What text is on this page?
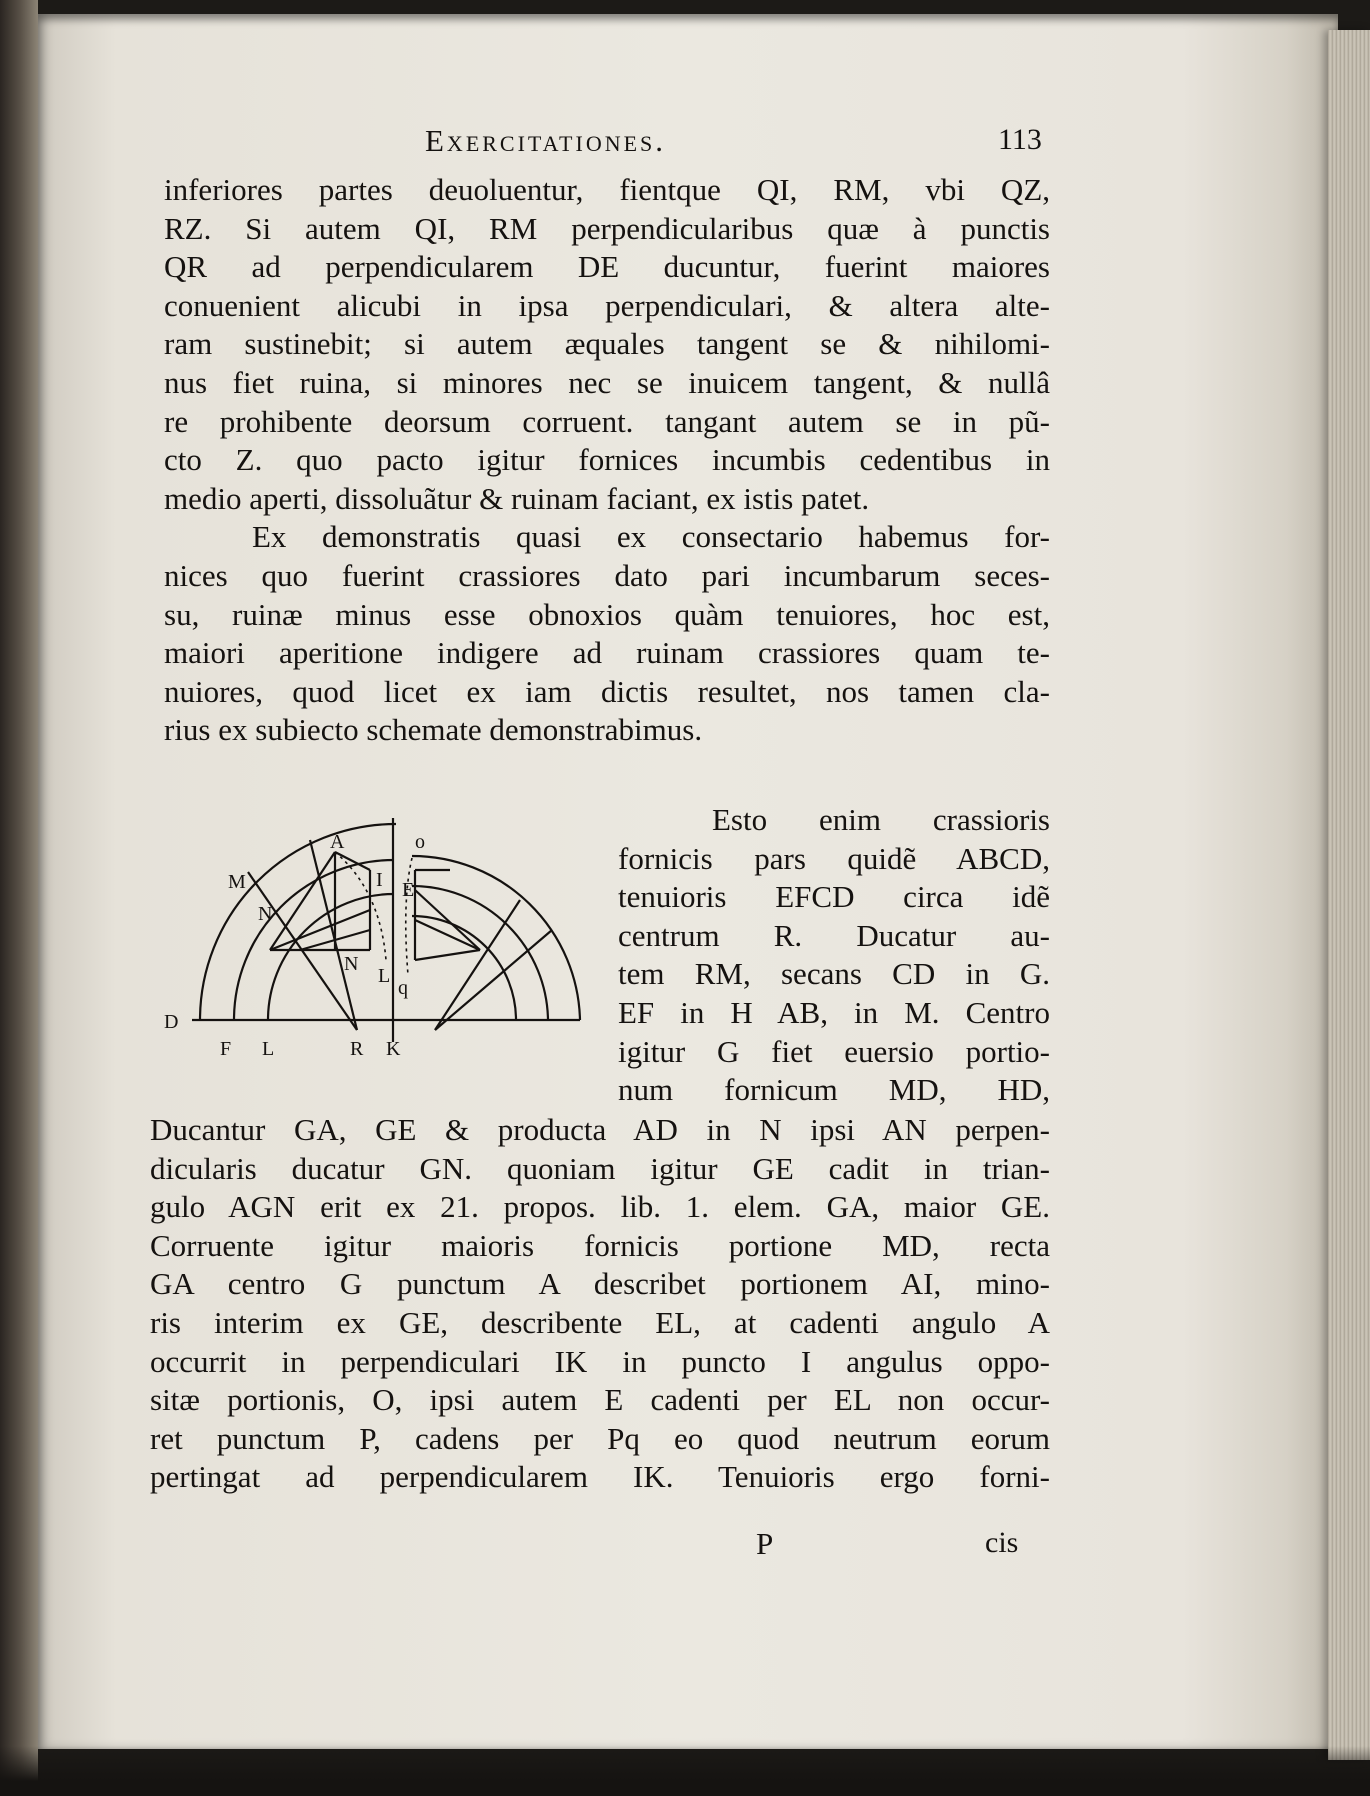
Exercitationes.	113
inferiores partes deuoluentur, fientque QI, RM, vbi QZ,
RZ. Si autem QI, RM perpendicularibus quæ à punctis
QR ad perpendicularem DE ducuntur, fuerint maiores
conuenient alicubi in ipsa perpendiculari, & altera alte-
ram sustinebit; si autem æquales tangent se & nihilomi-
nus fiet ruina, si minores nec se inuicem tangent, & nullâ
re prohibente deorsum corruent. tangant autem se in pũ-
cto Z. quo pacto igitur fornices incumbis cedentibus in
medio aperti, dissoluãtur & ruinam faciant, ex istis patet.
Ex demonstratis quasi ex consectario habemus for-
nices quo fuerint crassiores dato pari incumbarum seces-
su, ruinæ minus esse obnoxios quàm tenuiores, hoc est,
maiori aperitione indigere ad ruinam crassiores quam te-
nuiores, quod licet ex iam dictis resultet, nos tamen cla-
rius ex subiecto schemate demonstrabimus.
A	o
M
N
I E
N
L
q
D
F L	R K
Esto enim crassioris
fornicis pars quidẽ ABCD,
tenuioris EFCD circa idẽ
centrum R. Ducatur au-
tem RM, secans CD in G.
EF in H AB, in M. Centro
igitur G fiet euersio portio-
num fornicum MD, HD,
Ducantur GA, GE & producta AD in N ipsi AN perpen-
dicularis ducatur GN. quoniam igitur GE cadit in trian-
gulo AGN erit ex 21. propos. lib. 1. elem. GA, maior GE.
Corruente igitur maioris fornicis portione MD, recta
GA centro G punctum A describet portionem AI, mino-
ris interim ex GE, describente EL, at cadenti angulo A
occurrit in perpendiculari IK in puncto I angulus oppo-
sitæ portionis, O, ipsi autem E cadenti per EL non occur-
ret punctum P, cadens per Pq eo quod neutrum eorum
pertingat ad perpendicularem IK. Tenuioris ergo forni-
P	cis
